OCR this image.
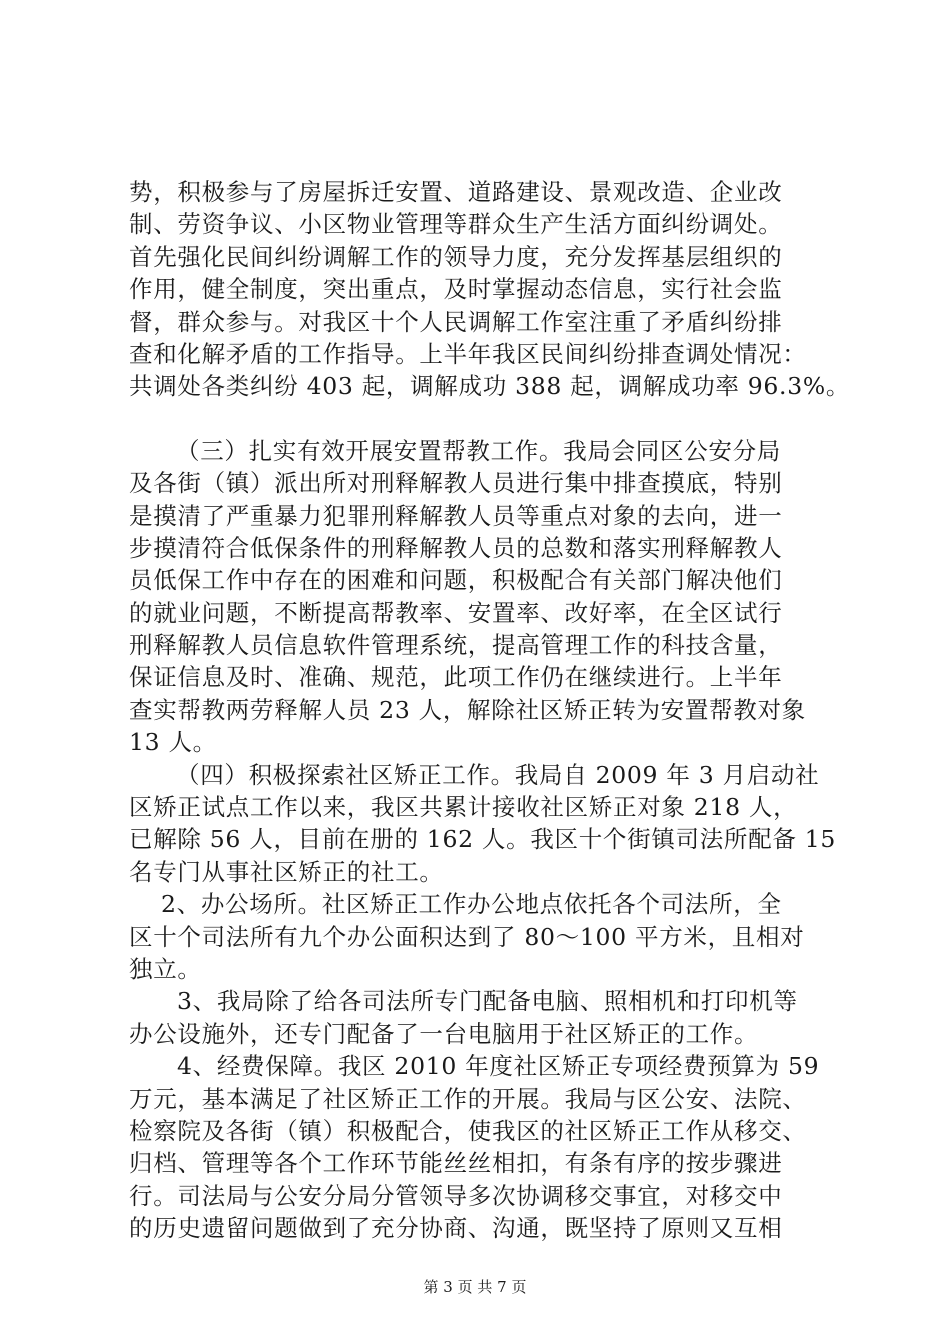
势，积极参与了房屋拆迁安置、道路建设、景观改造、企业改
制、劳资争议、小区物业管理等群众生产生活方面纠纷调处。
首先强化民间纠纷调解工作的领导力度，充分发挥基层组织的
作用，健全制度，突出重点，及时掌握动态信息，实行社会监
督，群众参与。对我区十个人民调解工作室注重了矛盾纠纷排
查和化解矛盾的工作指导。上半年我区民间纠纷排查调处情况：
共调处各类纠纷 403 起，调解成功 388 起，调解成功率 96.3%。
（三）扎实有效开展安置帮教工作。我局会同区公安分局
及各街（镇）派出所对刑释解教人员进行集中排查摸底，特别
是摸清了严重暴力犯罪刑释解教人员等重点对象的去向，进一
步摸清符合低保条件的刑释解教人员的总数和落实刑释解教人
员低保工作中存在的困难和问题，积极配合有关部门解决他们
的就业问题，不断提高帮教率、安置率、改好率，在全区试行
刑释解教人员信息软件管理系统，提高管理工作的科技含量，
保证信息及时、准确、规范，此项工作仍在继续进行。上半年
查实帮教两劳释解人员 23 人，解除社区矫正转为安置帮教对象
13 人。
（四）积极探索社区矫正工作。我局自 2009 年 3 月启动社
区矫正试点工作以来，我区共累计接收社区矫正对象 218 人，
已解除 56 人，目前在册的 162 人。我区十个街镇司法所配备 15
名专门从事社区矫正的社工。
2、办公场所。社区矫正工作办公地点依托各个司法所，全
区十个司法所有九个办公面积达到了 80～100 平方米，且相对
独立。
3、我局除了给各司法所专门配备电脑、照相机和打印机等
办公设施外，还专门配备了一台电脑用于社区矫正的工作。
4、经费保障。我区 2010 年度社区矫正专项经费预算为 59
万元，基本满足了社区矫正工作的开展。我局与区公安、法院、
检察院及各街（镇）积极配合，使我区的社区矫正工作从移交、
归档、管理等各个工作环节能丝丝相扣，有条有序的按步骤进
行。司法局与公安分局分管领导多次协调移交事宜，对移交中
的历史遗留问题做到了充分协商、沟通，既坚持了原则又互相
第 3 页 共 7 页
